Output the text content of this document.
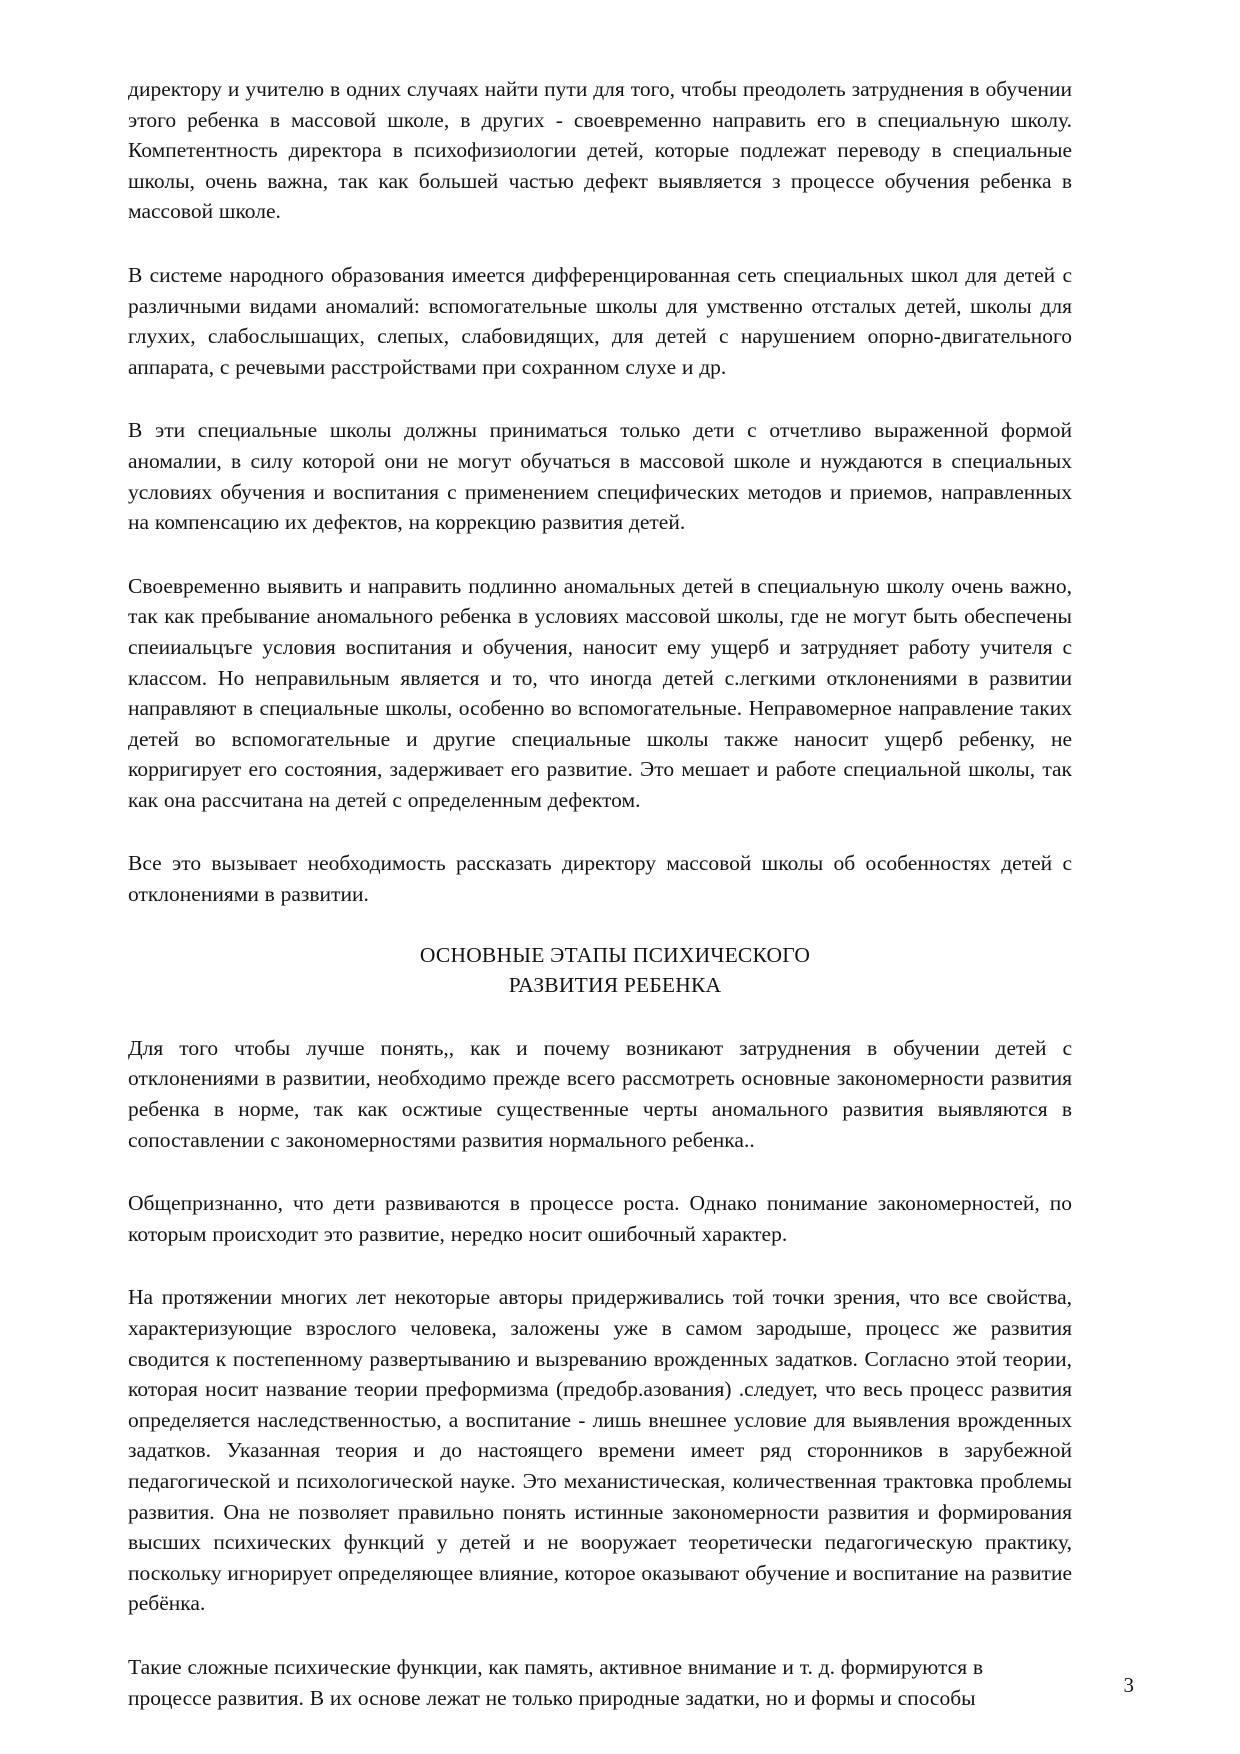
директору и учителю в одних случаях найти пути для того, чтобы преодолеть затруднения в обучении этого ребенка в массовой школе, в других - своевременно направить его в специальную школу. Компетентность директора в психофизиологии детей, которые подлежат переводу в специальные школы, очень важна, так как большей частью дефект выявляется з процессе обучения ребенка в массовой школе.

В системе народного образования имеется дифференцированная сеть специальных школ для детей с различными видами аномалий: вспомогательные школы для умственно отсталых детей, школы для глухих, слабослышащих, слепых, слабовидящих, для детей с нарушением опорно-двигательного аппарата, с речевыми расстройствами при сохранном слухе и др.

В эти специальные школы должны приниматься только дети с отчетливо выраженной формой аномалии, в силу которой они не могут обучаться в массовой школе и нуждаются в специальных условиях обучения и воспитания с применением специфических методов и приемов, направленных на компенсацию их дефектов, на коррекцию развития детей.

Своевременно выявить и направить подлинно аномальных детей в специальную школу очень важно, так как пребывание аномального ребенка в условиях массовой школы, где не могут быть обеспечены спеииальцъге условия воспитания и обучения, наносит ему ущерб и затрудняет работу учителя с классом. Но неправильным является и то, что иногда детей с.легкими отклонениями в развитии направляют в специальные школы, особенно во вспомогательные. Неправомерное направление таких детей во вспомогательные и другие специальные школы также наносит ущерб ребенку, не корригирует его состояния, задерживает его развитие. Это мешает и работе специальной школы, так как она рассчитана на детей с определенным дефектом.

Все это вызывает необходимость рассказать директору массовой школы об особенностях детей с отклонениями в развитии.

ОСНОВНЫЕ ЭТАПЫ ПСИХИЧЕСКОГО
РАЗВИТИЯ РЕБЕНКА

Для того чтобы лучше понять,, как и почему возникают затруднения в обучении детей с отклонениями в развитии, необходимо прежде всего рассмотреть основные закономерности развития ребенка в норме, так как осжтиые существенные черты аномального развития выявляются в сопоставлении с закономерностями развития нормального ребенка..

Общепризнанно, что дети развиваются в процессе роста. Однако понимание закономерностей, по которым происходит это развитие, нередко носит ошибочный характер.

На протяжении многих лет некоторые авторы придерживались той точки зрения, что все свойства, характеризующие взрослого человека, заложены уже в самом зародыше, процесс же развития сводится к постепенному развертыванию и вызреванию врожденных задатков. Согласно этой теории, которая носит название теории преформизма (предобр.азования) .следует, что весь процесс развития определяется наследственностью, а воспитание - лишь внешнее условие для выявления врожденных задатков. Указанная теория и до настоящего времени имеет ряд сторонников в зарубежной педагогической и психологической науке. Это механистическая, количественная трактовка проблемы развития. Она не позволяет правильно понять истинные закономерности развития и формирования высших психических функций у детей и не вооружает теоретически педагогическую практику, поскольку игнорирует определяющее влияние, которое оказывают обучение и воспитание на развитие ребёнка.

Такие сложные психические функции, как память, активное внимание и т. д. формируются в процессе развития. В их основе лежат не только природные задатки, но и формы и способы

3
